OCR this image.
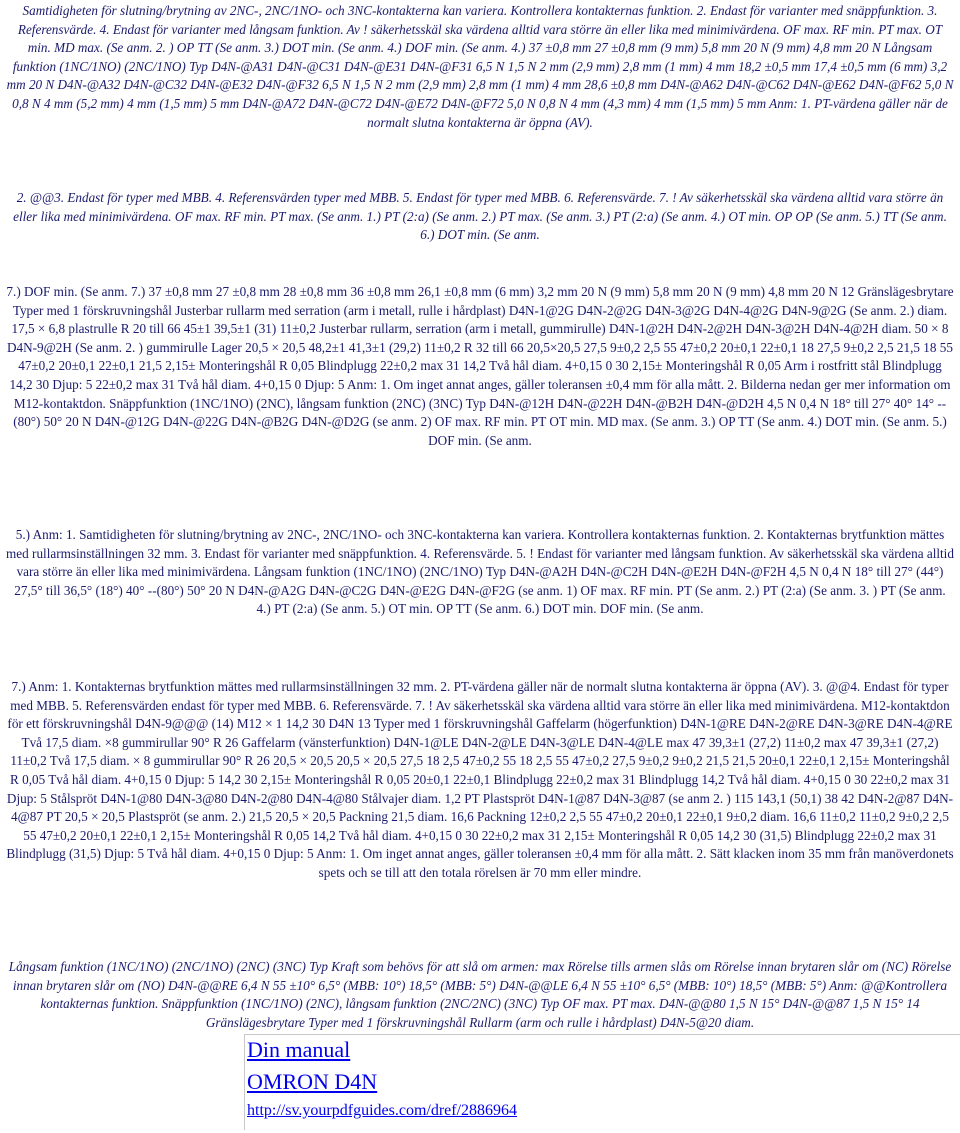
Samtidigheten för slutning/brytning av 2NC-, 2NC/1NO- och 3NC-kontakterna kan variera. Kontrollera kontakternas funktion. 2. Endast för varianter med snäppfunktion. 3. Referensvärde. 4. Endast för varianter med långsam funktion. Av ! säkerhetsskäl ska värdena alltid vara större än eller lika med minimivärdena. OF max. RF min. PT max. OT min. MD max. (Se anm. 2. ) OP TT (Se anm. 3.) DOT min. (Se anm. 4.) DOF min. (Se anm. 4.) 37 ±0,8 mm 27 ±0,8 mm (9 mm) 5,8 mm 20 N (9 mm) 4,8 mm 20 N Långsam funktion (1NC/1NO) (2NC/1NO) Typ D4N-@A31 D4N-@C31 D4N-@E31 D4N-@F31 6,5 N 1,5 N 2 mm (2,9 mm) 2,8 mm (1 mm) 4 mm 18,2 ±0,5 mm 17,4 ±0,5 mm (6 mm) 3,2 mm 20 N D4N-@A32 D4N-@C32 D4N-@E32 D4N-@F32 6,5 N 1,5 N 2 mm (2,9 mm) 2,8 mm (1 mm) 4 mm 28,6 ±0,8 mm D4N-@A62 D4N-@C62 D4N-@E62 D4N-@F62 5,0 N 0,8 N 4 mm (5,2 mm) 4 mm (1,5 mm) 5 mm D4N-@A72 D4N-@C72 D4N-@E72 D4N-@F72 5,0 N 0,8 N 4 mm (4,3 mm) 4 mm (1,5 mm) 5 mm Anm: 1. PT-värdena gäller när de normalt slutna kontakterna är öppna (AV).

2. @@3. Endast för typer med MBB. 4. Referensvärden typer med MBB. 5. Endast för typer med MBB. 6. Referensvärde. 7. ! Av säkerhetsskäl ska värdena alltid vara större än eller lika med minimivärdena. OF max. RF min. PT max. (Se anm. 1.) PT (2:a) (Se anm. 2.) PT max. (Se anm. 3.) PT (2:a) (Se anm. 4.) OT min. OP OP (Se anm. 5.) TT (Se anm. 6.) DOT min. (Se anm.

7.) DOF min. (Se anm. 7.) 37 ±0,8 mm 27 ±0,8 mm 28 ±0,8 mm 36 ±0,8 mm 26,1 ±0,8 mm (6 mm) 3,2 mm 20 N (9 mm) 5,8 mm 20 N (9 mm) 4,8 mm 20 N 12 Gränslägesbrytare Typer med 1 förskruvningshål Justerbar rullarm med serration (arm i metall, rulle i hårdplast) D4N-1@2G D4N-2@2G D4N-3@2G D4N-4@2G D4N-9@2G (Se anm. 2.) diam. 17,5 × 6,8 plastrulle R 20 till 66 45±1 39,5±1 (31) 11±0,2 Justerbar rullarm, serration (arm i metall, gummirulle) D4N-1@2H D4N-2@2H D4N-3@2H D4N-4@2H diam. 50 × 8 D4N-9@2H (Se anm. 2. ) gummirulle Lager 20,5 × 20,5 48,2±1 41,3±1 (29,2) 11±0,2 R 32 till 66 20,5×20,5 27,5 9±0,2 2,5 55 47±0,2 20±0,1 22±0,1 18 27,5 9±0,2 2,5 21,5 18 55 47±0,2 20±0,1 22±0,1 21,5 2,15± Monteringshål R 0,05 Blindplugg 22±0,2 max 31 14,2 Två hål diam. 4+0,15 0 30 2,15± Monteringshål R 0,05 Arm i rostfritt stål Blindplugg 14,2 30 Djup: 5 22±0,2 max 31 Två hål diam. 4+0,15 0 Djup: 5 Anm: 1. Om inget annat anges, gäller toleransen ±0,4 mm för alla mått. 2. Bilderna nedan ger mer information om M12-kontaktdon. Snäppfunktion (1NC/1NO) (2NC), långsam funktion (2NC) (3NC) Typ D4N-@12H D4N-@22H D4N-@B2H D4N-@D2H 4,5 N 0,4 N 18° till 27° 40° 14° --(80°) 50° 20 N D4N-@12G D4N-@22G D4N-@B2G D4N-@D2G (se anm. 2) OF max. RF min. PT OT min. MD max. (Se anm. 3.) OP TT (Se anm. 4.) DOT min. (Se anm. 5.) DOF min. (Se anm.

5.) Anm: 1. Samtidigheten för slutning/brytning av 2NC-, 2NC/1NO- och 3NC-kontakterna kan variera. Kontrollera kontakternas funktion. 2. Kontakternas brytfunktion mättes med rullarmsinställningen 32 mm. 3. Endast för varianter med snäppfunktion. 4. Referensvärde. 5. ! Endast för varianter med långsam funktion. Av säkerhetsskäl ska värdena alltid vara större än eller lika med minimivärdena. Långsam funktion (1NC/1NO) (2NC/1NO) Typ D4N-@A2H D4N-@C2H D4N-@E2H D4N-@F2H 4,5 N 0,4 N 18° till 27° (44°) 27,5° till 36,5° (18°) 40° --(80°) 50° 20 N D4N-@A2G D4N-@C2G D4N-@E2G D4N-@F2G (se anm. 1) OF max. RF min. PT (Se anm. 2.) PT (2:a) (Se anm. 3. ) PT (Se anm. 4.) PT (2:a) (Se anm. 5.) OT min. OP TT (Se anm. 6.) DOT min. DOF min. (Se anm.

7.) Anm: 1. Kontakternas brytfunktion mättes med rullarmsinställningen 32 mm. 2. PT-värdena gäller när de normalt slutna kontakterna är öppna (AV). 3. @@4. Endast för typer med MBB. 5. Referensvärden endast för typer med MBB. 6. Referensvärde. 7. ! Av säkerhetsskäl ska värdena alltid vara större än eller lika med minimivärdena. M12-kontaktdon för ett förskruvningshål D4N-9@@@ (14) M12 × 1 14,2 30 D4N 13 Typer med 1 förskruvningshål Gaffelarm (högerfunktion) D4N-1@RE D4N-2@RE D4N-3@RE D4N-4@RE Två 17,5 diam. ×8 gummirullar 90° R 26 Gaffelarm (vänsterfunktion) D4N-1@LE D4N-2@LE D4N-3@LE D4N-4@LE max 47 39,3±1 (27,2) 11±0,2 max 47 39,3±1 (27,2) 11±0,2 Två 17,5 diam. × 8 gummirullar 90° R 26 20,5 × 20,5 20,5 × 20,5 27,5 18 2,5 47±0,2 55 18 2,5 55 47±0,2 27,5 9±0,2 9±0,2 21,5 21,5 20±0,1 22±0,1 2,15± Monteringshål R 0,05 Två hål diam. 4+0,15 0 Djup: 5 14,2 30 2,15± Monteringshål R 0,05 20±0,1 22±0,1 Blindplugg 22±0,2 max 31 Blindplugg 14,2 Två hål diam. 4+0,15 0 30 22±0,2 max 31 Djup: 5 Stålspröt D4N-1@80 D4N-3@80 D4N-2@80 D4N-4@80 Stålvajer diam. 1,2 PT Plastspröt D4N-1@87 D4N-3@87 (se anm 2. ) 115 143,1 (50,1) 38 42 D4N-2@87 D4N-4@87 PT 20,5 × 20,5 Plastspröt (se anm. 2.) 21,5 20,5 × 20,5 Packning 21,5 diam. 16,6 Packning 12±0,2 2,5 55 47±0,2 20±0,1 22±0,1 9±0,2 diam. 16,6 11±0,2 11±0,2 9±0,2 2,5 55 47±0,2 20±0,1 22±0,1 2,15± Monteringshål R 0,05 14,2 Två hål diam. 4+0,15 0 30 22±0,2 max 31 2,15± Monteringshål R 0,05 14,2 30 (31,5) Blindplugg 22±0,2 max 31 Blindplugg (31,5) Djup: 5 Två hål diam. 4+0,15 0 Djup: 5 Anm: 1. Om inget annat anges, gäller toleransen ±0,4 mm för alla mått. 2. Sätt klacken inom 35 mm från manöverdonets spets och se till att den totala rörelsen är 70 mm eller mindre.

Långsam funktion (1NC/1NO) (2NC/1NO) (2NC) (3NC) Typ Kraft som behövs för att slå om armen: max Rörelse tills armen slås om Rörelse innan brytaren slår om (NC) Rörelse innan brytaren slår om (NO) D4N-@@RE 6,4 N 55 ±10° 6,5° (MBB: 10°) 18,5° (MBB: 5°) D4N-@@LE 6,4 N 55 ±10° 6,5° (MBB: 10°) 18,5° (MBB: 5°) Anm: @@Kontrollera kontakternas funktion. Snäppfunktion (1NC/1NO) (2NC), långsam funktion (2NC/2NC) (3NC) Typ OF max. PT max. D4N-@@80 1,5 N 15° D4N-@@87 1,5 N 15° 14 Gränslägesbrytare Typer med 1 förskruvningshål Rullarm (arm och rulle i hårdplast) D4N-5@20 diam.

Din manual
OMRON D4N
http://sv.yourpdfguides.com/dref/2886964
